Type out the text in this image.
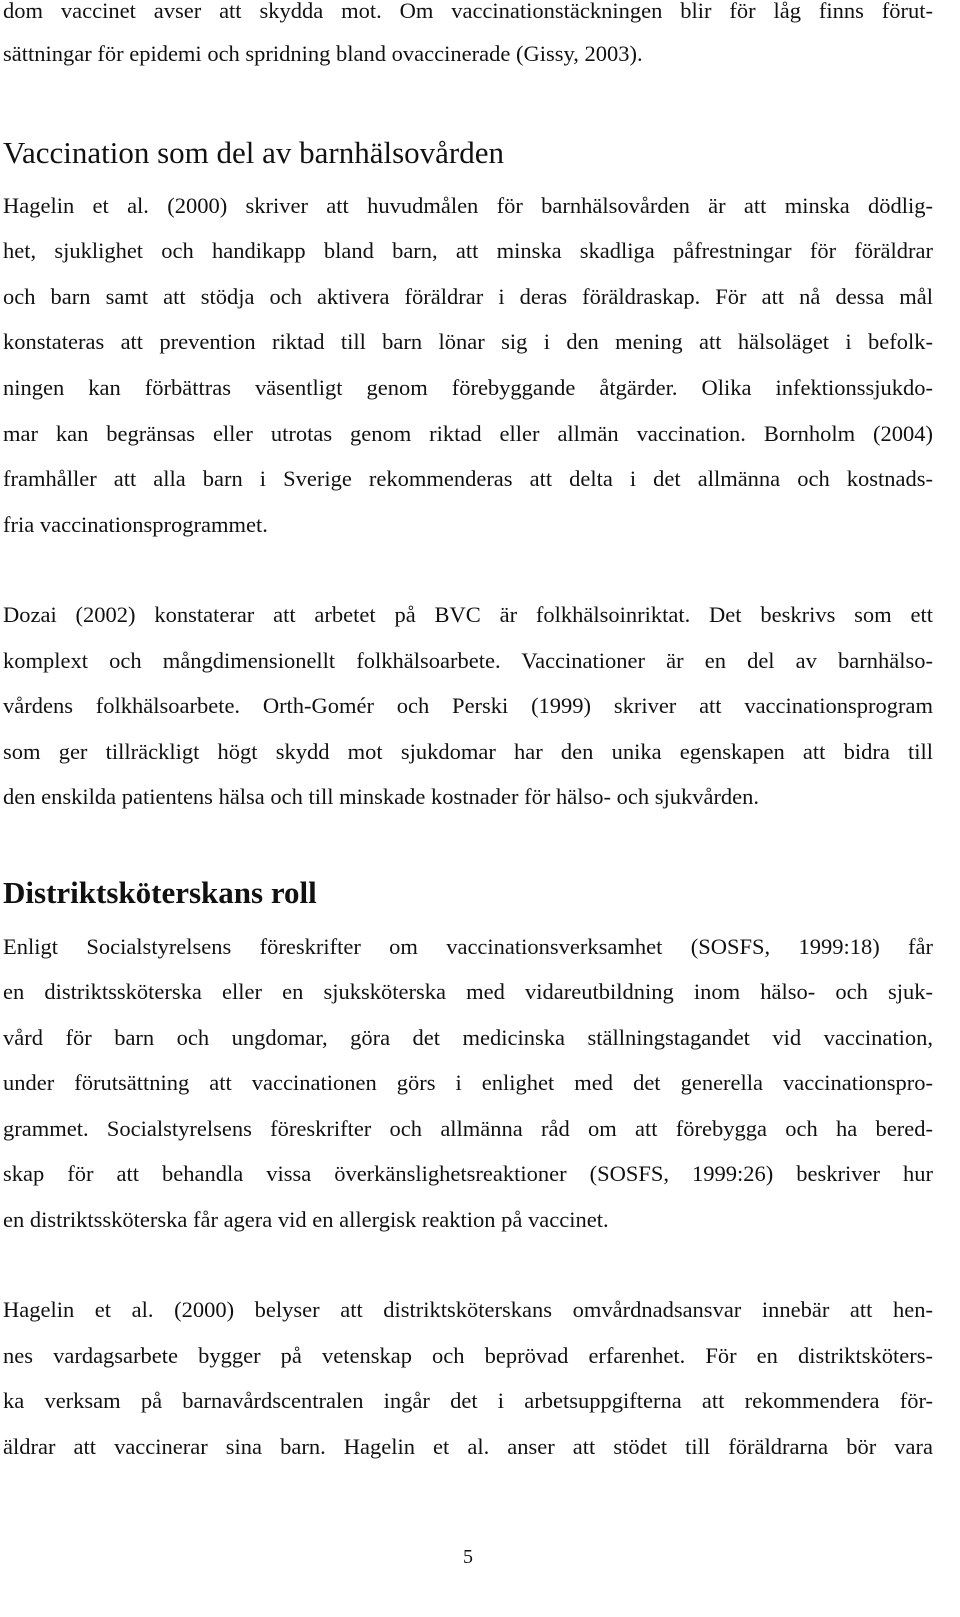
dom vaccinet avser att skydda mot. Om vaccinationstäckningen blir för låg finns förut-
sättningar för epidemi och spridning bland ovaccinerade (Gissy, 2003).
Vaccination som del av barnhälsovården
Hagelin et al. (2000) skriver att huvudmålen för barnhälsovården är att minska dödlig-
het, sjuklighet och handikapp bland barn, att minska skadliga påfrestningar för föräldrar
och barn samt att stödja och aktivera föräldrar i deras föräldraskap. För att nå dessa mål
konstateras att prevention riktad till barn lönar sig i den mening att hälsoläget i befolk-
ningen kan förbättras väsentligt genom förebyggande åtgärder. Olika infektionssjukdo-
mar kan begränsas eller utrotas genom riktad eller allmän vaccination. Bornholm (2004)
framhåller att alla barn i Sverige rekommenderas att delta i det allmänna och kostnads-
fria vaccinationsprogrammet.
Dozai (2002) konstaterar att arbetet på BVC är folkhälsoinriktat. Det beskrivs som ett
komplext och mångdimensionellt folkhälsoarbete. Vaccinationer är en del av barnhälso-
vårdens folkhälsoarbete. Orth-Gomér och Perski (1999) skriver att vaccinationsprogram
som ger tillräckligt högt skydd mot sjukdomar har den unika egenskapen att bidra till
den enskilda patientens hälsa och till minskade kostnader för hälso- och sjukvården.
Distriktsköterskans roll
Enligt Socialstyrelsens föreskrifter om vaccinationsverksamhet (SOSFS, 1999:18) får
en distriktssköterska eller en sjuksköterska med vidareutbildning inom hälso- och sjuk-
vård för barn och ungdomar, göra det medicinska ställningstagandet vid vaccination,
under förutsättning att vaccinationen görs i enlighet med det generella vaccinationspro-
grammet. Socialstyrelsens föreskrifter och allmänna råd om att förebygga och ha bered-
skap för att behandla vissa överkänslighetsreaktioner (SOSFS, 1999:26) beskriver hur
en distriktssköterska får agera vid en allergisk reaktion på vaccinet.
Hagelin et al. (2000) belyser att distriktsköterskans omvårdnadsansvar innebär att hen-
nes vardagsarbete bygger på vetenskap och beprövad erfarenhet. För en distriktsköters-
ka verksam på barnavårdscentralen ingår det i arbetsuppgifterna att rekommendera för-
äldrar att vaccinerar sina barn. Hagelin et al. anser att stödet till föräldrarna bör vara
5
